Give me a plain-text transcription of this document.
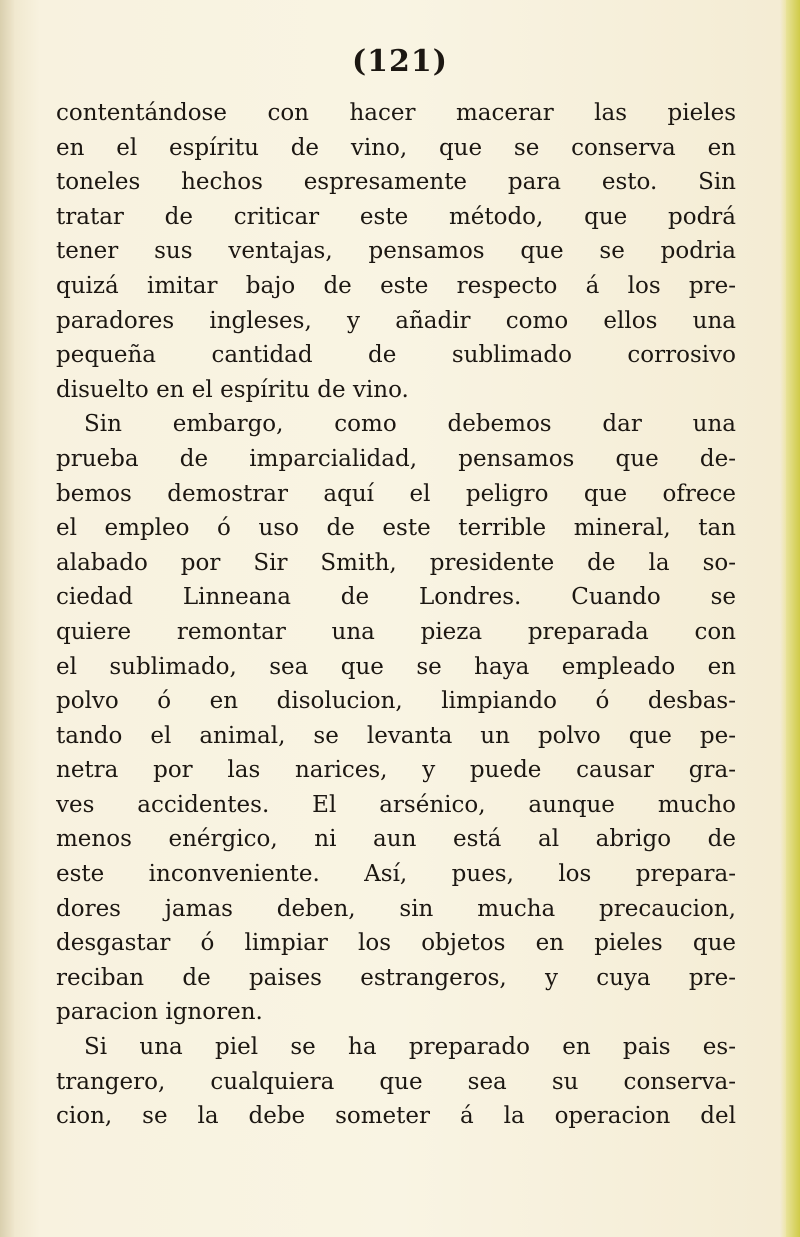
(121)
contentándose con hacer macerar las pieles
en el espíritu de vino, que se conserva en
toneles hechos espresamente para esto. Sin
tratar de criticar este método, que podrá
tener sus ventajas, pensamos que se podria
quizá imitar bajo de este respecto á los pre-
paradores ingleses, y añadir como ellos una
pequeña cantidad de sublimado corrosivo
disuelto en el espíritu de vino.
Sin embargo, como debemos dar una
prueba de imparcialidad, pensamos que de-
bemos demostrar aquí el peligro que ofrece
el empleo ó uso de este terrible mineral, tan
alabado por Sir Smith, presidente de la so-
ciedad Linneana de Londres. Cuando se
quiere remontar una pieza preparada con
el sublimado, sea que se haya empleado en
polvo ó en disolucion, limpiando ó desbas-
tando el animal, se levanta un polvo que pe-
netra por las narices, y puede causar gra-
ves accidentes. El arsénico, aunque mucho
menos enérgico, ni aun está al abrigo de
este inconveniente. Así, pues, los prepara-
dores jamas deben, sin mucha precaucion,
desgastar ó limpiar los objetos en pieles que
reciban de paises estrangeros, y cuya pre-
paracion ignoren.
Si una piel se ha preparado en pais es-
trangero, cualquiera que sea su conserva-
cion, se la debe someter á la operacion del
